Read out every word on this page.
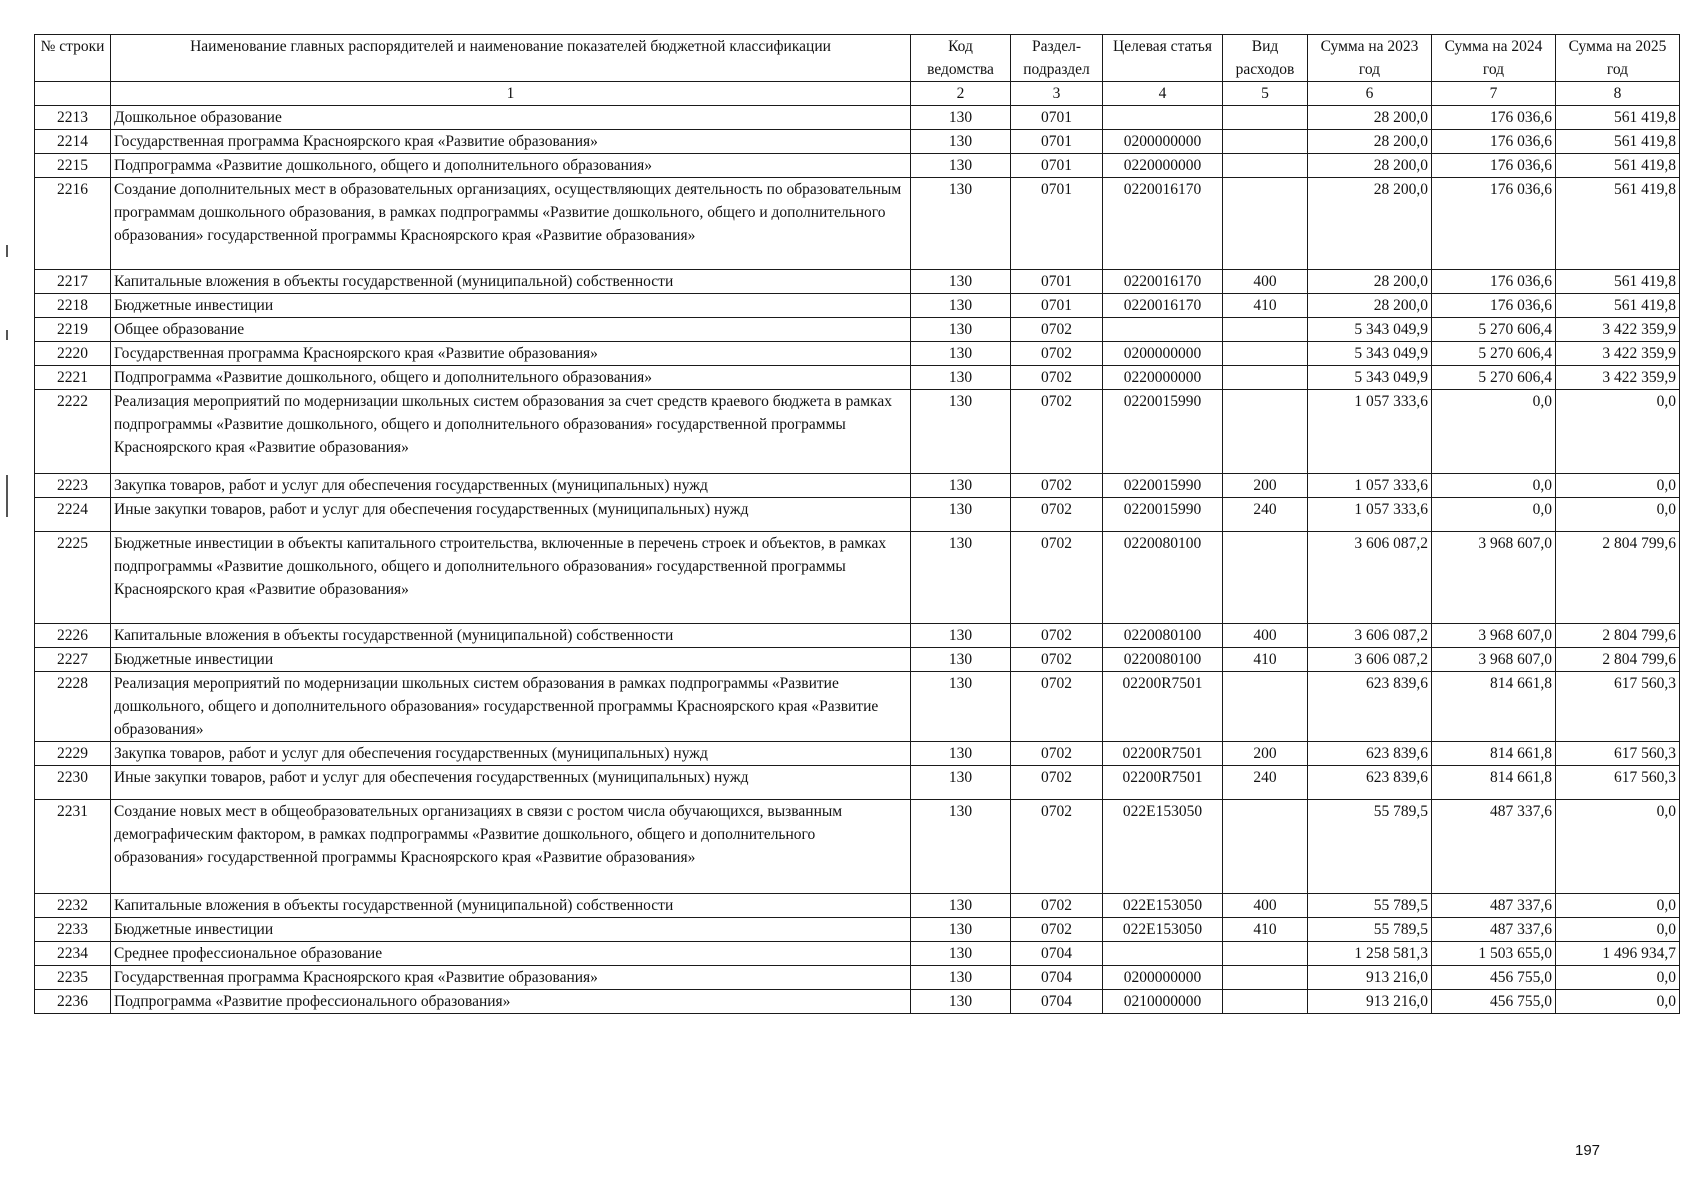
№ строки	Наименование главных распорядителей и наименование показателей бюджетной классификации	Код ведомства	Раздел-подраздел	Целевая статья	Вид расходов	Сумма на 2023 год	Сумма на 2024 год	Сумма на 2025 год
	1	2	3	4	5	6	7	8
2213	Дошкольное образование	130	0701			28 200,0	176 036,6	561 419,8
2214	Государственная программа Красноярского края «Развитие образования»	130	0701	0200000000		28 200,0	176 036,6	561 419,8
2215	Подпрограмма «Развитие дошкольного, общего и дополнительного образования»	130	0701	0220000000		28 200,0	176 036,6	561 419,8
2216	Создание дополнительных мест в образовательных организациях, осуществляющих деятельность по образовательным программам дошкольного образования, в рамках подпрограммы «Развитие дошкольного, общего и дополнительного образования» государственной программы Красноярского края «Развитие образования»	130	0701	0220016170		28 200,0	176 036,6	561 419,8
2217	Капитальные вложения в объекты государственной (муниципальной) собственности	130	0701	0220016170	400	28 200,0	176 036,6	561 419,8
2218	Бюджетные инвестиции	130	0701	0220016170	410	28 200,0	176 036,6	561 419,8
2219	Общее образование	130	0702			5 343 049,9	5 270 606,4	3 422 359,9
2220	Государственная программа Красноярского края «Развитие образования»	130	0702	0200000000		5 343 049,9	5 270 606,4	3 422 359,9
2221	Подпрограмма «Развитие дошкольного, общего и дополнительного образования»	130	0702	0220000000		5 343 049,9	5 270 606,4	3 422 359,9
2222	Реализация мероприятий по модернизации школьных систем образования за счет средств краевого бюджета в рамках подпрограммы «Развитие дошкольного, общего и дополнительного образования» государственной программы Красноярского края «Развитие образования»	130	0702	0220015990		1 057 333,6	0,0	0,0
2223	Закупка товаров, работ и услуг для обеспечения государственных (муниципальных) нужд	130	0702	0220015990	200	1 057 333,6	0,0	0,0
2224	Иные закупки товаров, работ и услуг для обеспечения государственных (муниципальных) нужд	130	0702	0220015990	240	1 057 333,6	0,0	0,0
2225	Бюджетные инвестиции в объекты капитального строительства, включенные в перечень строек и объектов, в рамках подпрограммы «Развитие дошкольного, общего и дополнительного образования» государственной программы Красноярского края «Развитие образования»	130	0702	0220080100		3 606 087,2	3 968 607,0	2 804 799,6
2226	Капитальные вложения в объекты государственной (муниципальной) собственности	130	0702	0220080100	400	3 606 087,2	3 968 607,0	2 804 799,6
2227	Бюджетные инвестиции	130	0702	0220080100	410	3 606 087,2	3 968 607,0	2 804 799,6
2228	Реализация мероприятий по модернизации школьных систем образования в рамках подпрограммы «Развитие дошкольного, общего и дополнительного образования» государственной программы Красноярского края «Развитие образования»	130	0702	02200R7501		623 839,6	814 661,8	617 560,3
2229	Закупка товаров, работ и услуг для обеспечения государственных (муниципальных) нужд	130	0702	02200R7501	200	623 839,6	814 661,8	617 560,3
2230	Иные закупки товаров, работ и услуг для обеспечения государственных (муниципальных) нужд	130	0702	02200R7501	240	623 839,6	814 661,8	617 560,3
2231	Создание новых мест в общеобразовательных организациях в связи с ростом числа обучающихся, вызванным демографическим фактором, в рамках подпрограммы «Развитие дошкольного, общего и дополнительного образования» государственной программы Красноярского края «Развитие образования»	130	0702	022E153050		55 789,5	487 337,6	0,0
2232	Капитальные вложения в объекты государственной (муниципальной) собственности	130	0702	022E153050	400	55 789,5	487 337,6	0,0
2233	Бюджетные инвестиции	130	0702	022E153050	410	55 789,5	487 337,6	0,0
2234	Среднее профессиональное образование	130	0704			1 258 581,3	1 503 655,0	1 496 934,7
2235	Государственная программа Красноярского края «Развитие образования»	130	0704	0200000000		913 216,0	456 755,0	0,0
2236	Подпрограмма «Развитие профессионального образования»	130	0704	0210000000		913 216,0	456 755,0	0,0
197
